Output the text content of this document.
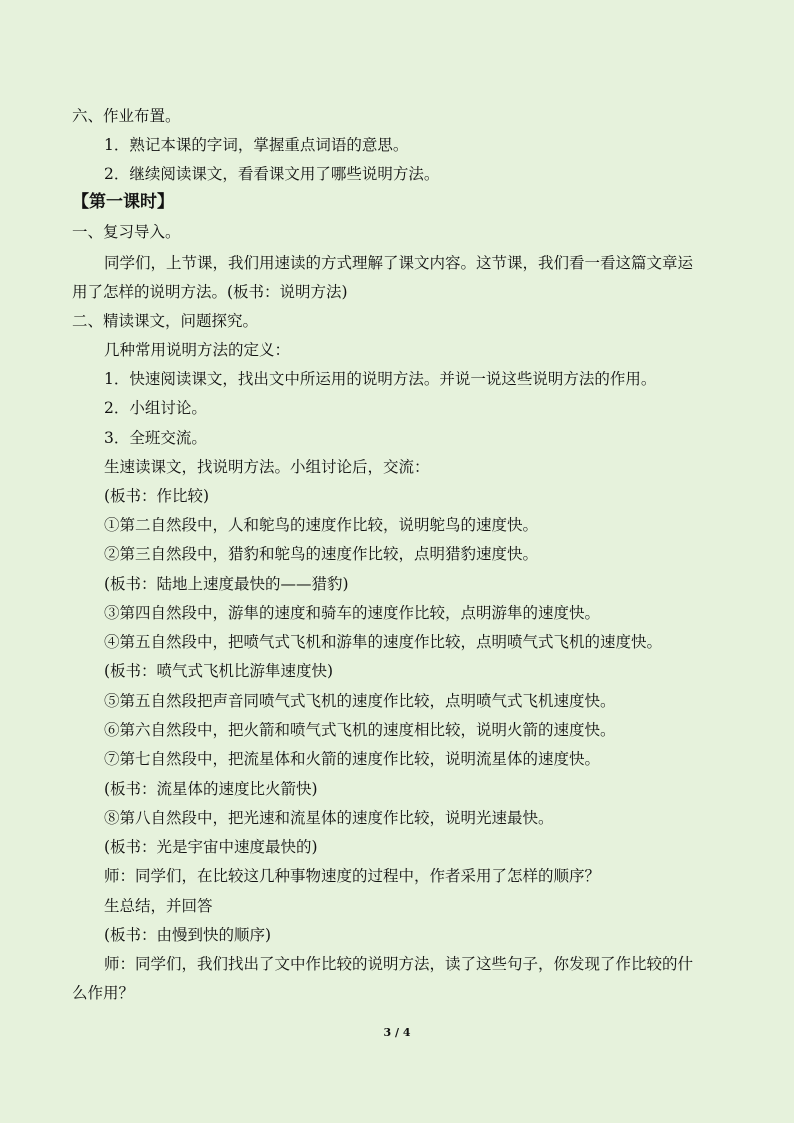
六、作业布置。
1．熟记本课的字词，掌握重点词语的意思。
2．继续阅读课文，看看课文用了哪些说明方法。
【第一课时】
一、复习导入。
同学们，上节课，我们用速读的方式理解了课文内容。这节课，我们看一看这篇文章运
用了怎样的说明方法。(板书：说明方法)
二、精读课文，问题探究。
几种常用说明方法的定义：
1．快速阅读课文，找出文中所运用的说明方法。并说一说这些说明方法的作用。
2．小组讨论。
3．全班交流。
生速读课文，找说明方法。小组讨论后，交流：
(板书：作比较)
①第二自然段中，人和鸵鸟的速度作比较，说明鸵鸟的速度快。
②第三自然段中，猎豹和鸵鸟的速度作比较，点明猎豹速度快。
(板书：陆地上速度最快的——猎豹)
③第四自然段中，游隼的速度和骑车的速度作比较，点明游隼的速度快。
④第五自然段中，把喷气式飞机和游隼的速度作比较，点明喷气式飞机的速度快。
(板书：喷气式飞机比游隼速度快)
⑤第五自然段把声音同喷气式飞机的速度作比较，点明喷气式飞机速度快。
⑥第六自然段中，把火箭和喷气式飞机的速度相比较，说明火箭的速度快。
⑦第七自然段中，把流星体和火箭的速度作比较，说明流星体的速度快。
(板书：流星体的速度比火箭快)
⑧第八自然段中，把光速和流星体的速度作比较，说明光速最快。
(板书：光是宇宙中速度最快的)
师：同学们，在比较这几种事物速度的过程中，作者采用了怎样的顺序？
生总结，并回答
(板书：由慢到快的顺序)
师：同学们，我们找出了文中作比较的说明方法，读了这些句子，你发现了作比较的什
么作用？
3 / 4
